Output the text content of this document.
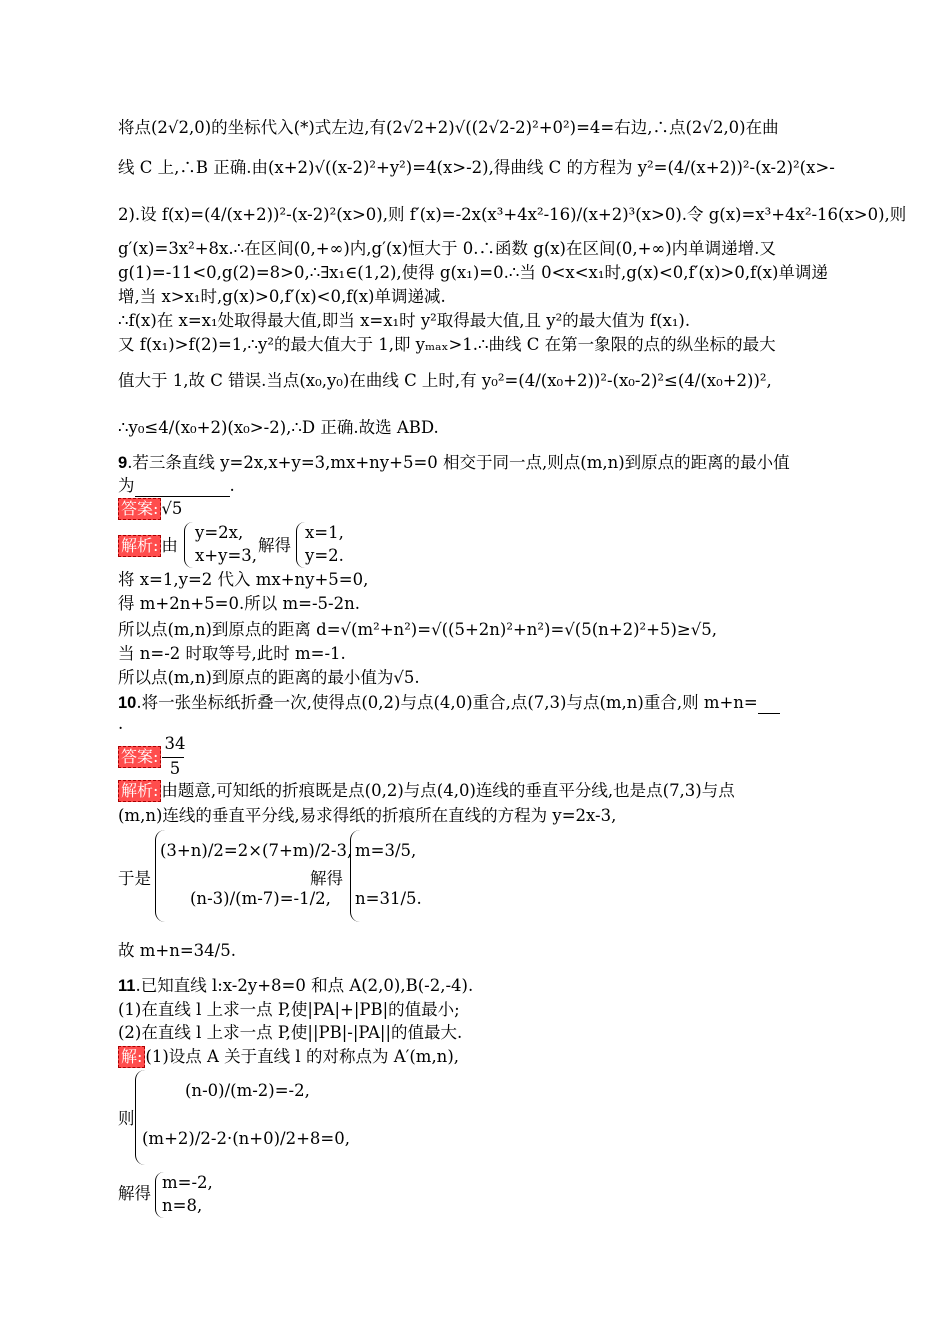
将点(2√2,0)的坐标代入(*)式左边,有(2√2+2)√((2√2-2)²+0²)=4=右边,∴点(2√2,0)在曲
线 C 上,∴B 正确.由(x+2)√((x-2)²+y²)=4(x>-2),得曲线 C 的方程为 y²=(4/(x+2))²-(x-2)²(x>-
2).设 f(x)=(4/(x+2))²-(x-2)²(x>0),则 f′(x)=-2x(x³+4x²-16)/(x+2)³(x>0).令 g(x)=x³+4x²-16(x>0),则
g′(x)=3x²+8x.∴在区间(0,+∞)内,g′(x)恒大于 0.∴函数 g(x)在区间(0,+∞)内单调递增.又
g(1)=-11<0,g(2)=8>0,∴∃x₁∈(1,2),使得 g(x₁)=0.∴当 0<x<x₁时,g(x)<0,f′(x)>0,f(x)单调递
增,当 x>x₁时,g(x)>0,f′(x)<0,f(x)单调递减.
∴f(x)在 x=x₁处取得最大值,即当 x=x₁时 y²取得最大值,且 y²的最大值为 f(x₁).
又 f(x₁)>f(2)=1,∴y²的最大值大于 1,即 yₘₐₓ>1.∴曲线 C 在第一象限的点的纵坐标的最大
值大于 1,故 C 错误.当点(x₀,y₀)在曲线 C 上时,有 y₀²=(4/(x₀+2))²-(x₀-2)²≤(4/(x₀+2))²,
∴y₀≤4/(x₀+2)(x₀>-2),∴D 正确.故选 ABD.
9.若三条直线 y=2x,x+y=3,mx+ny+5=0 相交于同一点,则点(m,n)到原点的距离的最小值
为	.
答案: √5
解析: 由
y=2x,
x+y=3,
解得
x=1,
y=2.
将 x=1,y=2 代入 mx+ny+5=0,
得 m+2n+5=0.所以 m=-5-2n.
所以点(m,n)到原点的距离 d=√(m²+n²)=√((5+2n)²+n²)=√(5(n+2)²+5)≥√5,
当 n=-2 时取等号,此时 m=-1.
所以点(m,n)到原点的距离的最小值为√5.
10.将一张坐标纸折叠一次,使得点(0,2)与点(4,0)重合,点(7,3)与点(m,n)重合,则 m+n=
.
答案:
34
5
解析: 由题意,可知纸的折痕既是点(0,2)与点(4,0)连线的垂直平分线,也是点(7,3)与点
(m,n)连线的垂直平分线,易求得纸的折痕所在直线的方程为 y=2x-3,
于是
(3+n)/2=2×(7+m)/2-3,
(n-3)/(m-7)=-1/2,
解得
m=3/5,
n=31/5.
故 m+n=34/5.
11.已知直线 l:x-2y+8=0 和点 A(2,0),B(-2,-4).
(1)在直线 l 上求一点 P,使|PA|+|PB|的值最小;
(2)在直线 l 上求一点 P,使||PB|-|PA||的值最大.
解: (1)设点 A 关于直线 l 的对称点为 A′(m,n),
则
(n-0)/(m-2)=-2,
(m+2)/2-2·(n+0)/2+8=0,
解得
m=-2,
n=8,
